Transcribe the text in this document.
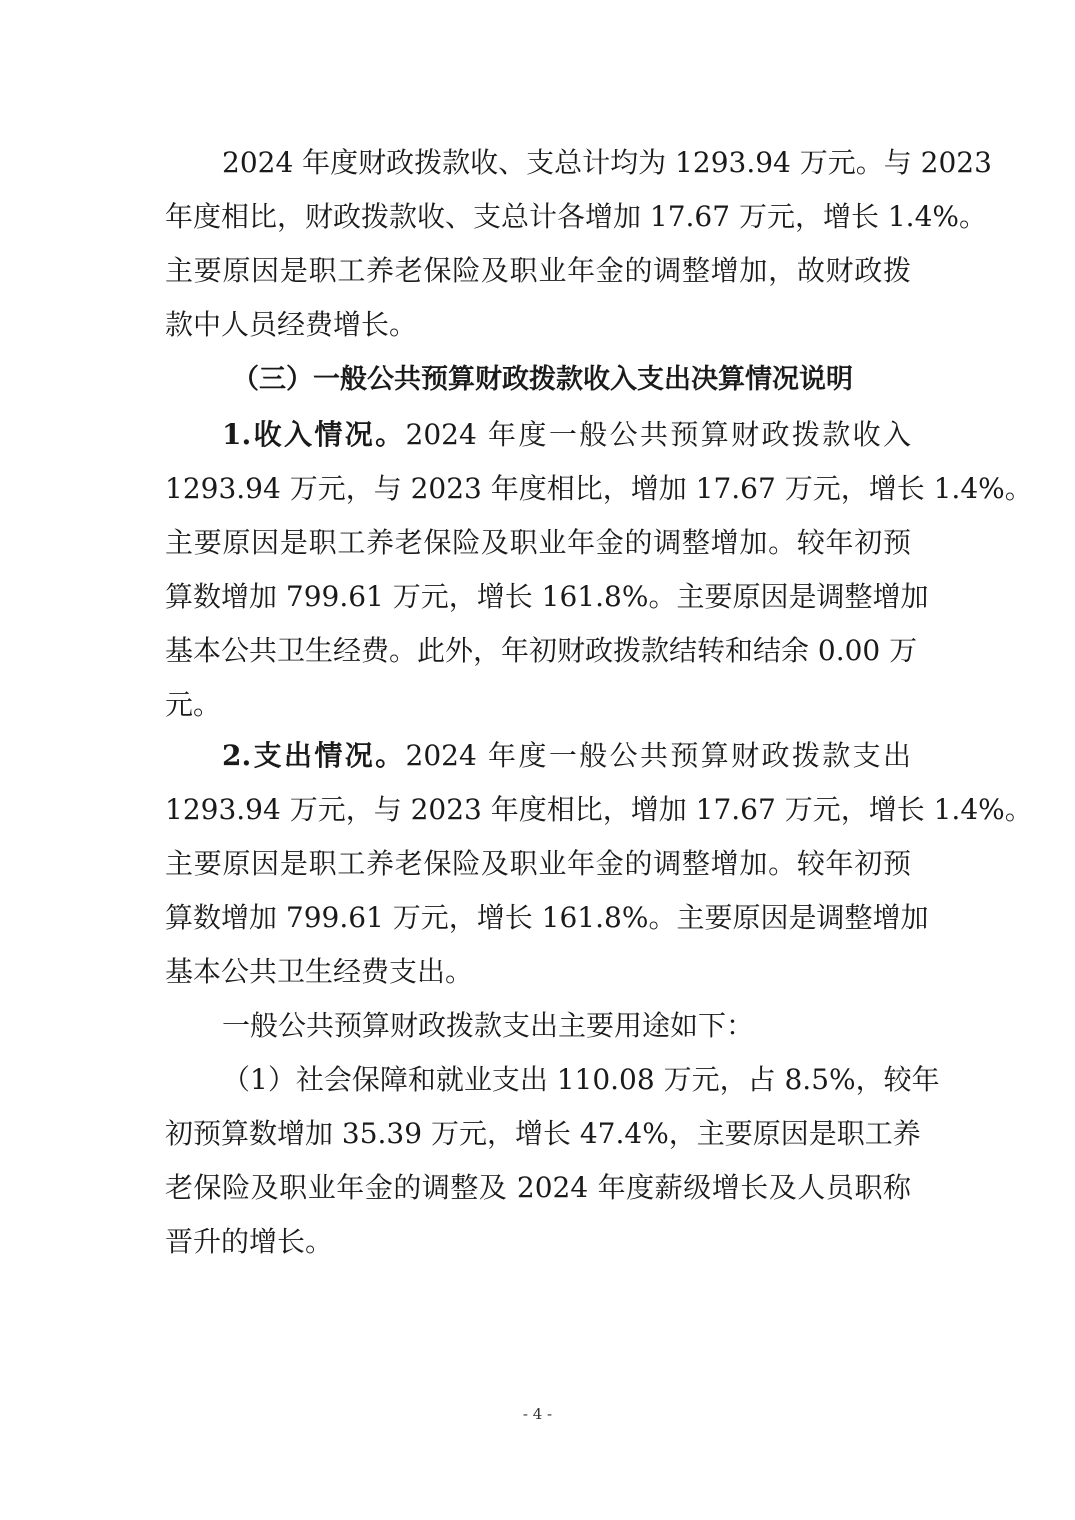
2024 年度财政拨款收、支总计均为 1293.94 万元。与 2023
年度相比，财政拨款收、支总计各增加 17.67 万元，增长 1.4%。
主要原因是职工养老保险及职业年金的调整增加，故财政拨
款中人员经费增长。
（三）一般公共预算财政拨款收入支出决算情况说明
1.收入情况。2024 年度一般公共预算财政拨款收入
1293.94 万元，与 2023 年度相比，增加 17.67 万元，增长 1.4%。
主要原因是职工养老保险及职业年金的调整增加。较年初预
算数增加 799.61 万元，增长 161.8%。主要原因是调整增加
基本公共卫生经费。此外，年初财政拨款结转和结余 0.00 万
元。
2.支出情况。2024 年度一般公共预算财政拨款支出
1293.94 万元，与 2023 年度相比，增加 17.67 万元，增长 1.4%。
主要原因是职工养老保险及职业年金的调整增加。较年初预
算数增加 799.61 万元，增长 161.8%。主要原因是调整增加
基本公共卫生经费支出。
一般公共预算财政拨款支出主要用途如下：
（1）社会保障和就业支出 110.08 万元，占 8.5%，较年
初预算数增加 35.39 万元，增长 47.4%，主要原因是职工养
老保险及职业年金的调整及 2024 年度薪级增长及人员职称
晋升的增长。
- 4 -
